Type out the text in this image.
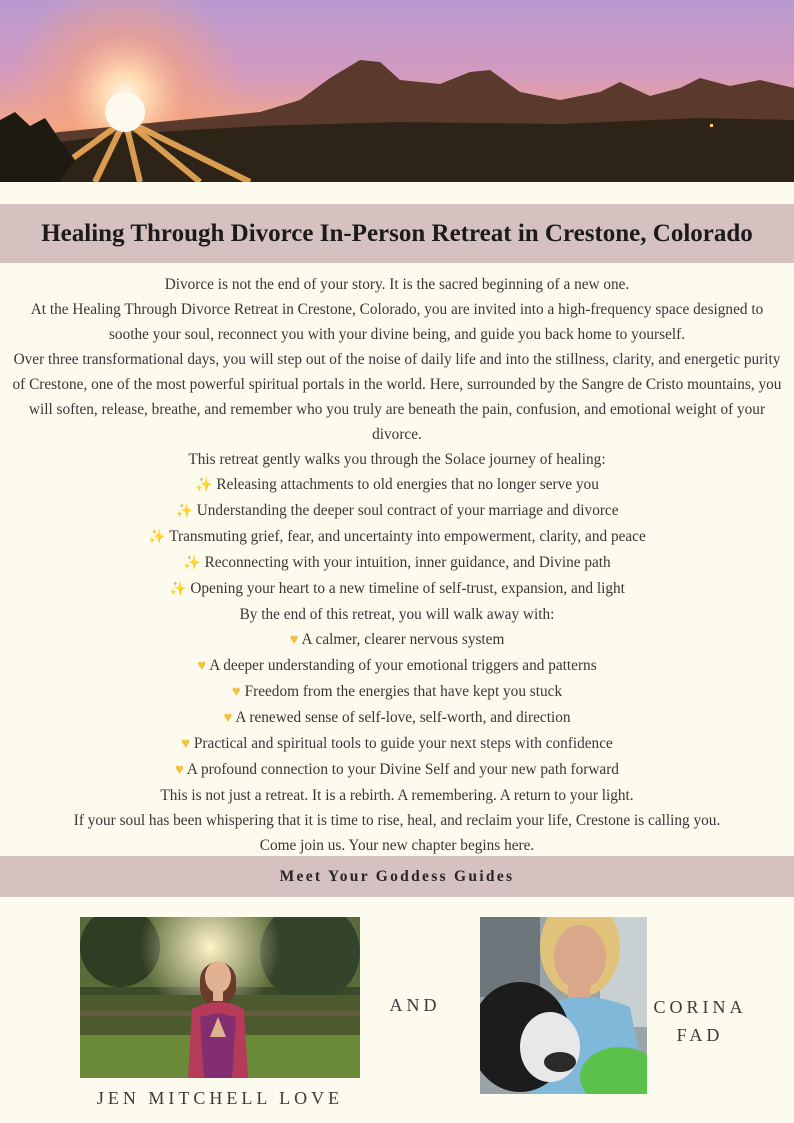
Healing Through Divorce In-Person Retreat in Crestone, Colorado

Divorce is not the end of your story. It is the sacred beginning of a new one.

At the Healing Through Divorce Retreat in Crestone, Colorado, you are invited into a high-frequency space designed to soothe your soul, reconnect you with your divine being, and guide you back home to yourself.

Over three transformational days, you will step out of the noise of daily life and into the stillness, clarity, and energetic purity of Crestone, one of the most powerful spiritual portals in the world. Here, surrounded by the Sangre de Cristo mountains, you will soften, release, breathe, and remember who you truly are beneath the pain, confusion, and emotional weight of your divorce.

This retreat gently walks you through the Solace journey of healing:

✨ Releasing attachments to old energies that no longer serve you

✨ Understanding the deeper soul contract of your marriage and divorce

✨ Transmuting grief, fear, and uncertainty into empowerment, clarity, and peace

✨ Reconnecting with your intuition, inner guidance, and Divine path

✨ Opening your heart to a new timeline of self-trust, expansion, and light

By the end of this retreat, you will walk away with:

♥ A calmer, clearer nervous system

♥ A deeper understanding of your emotional triggers and patterns

♥ Freedom from the energies that have kept you stuck

♥ A renewed sense of self-love, self-worth, and direction

♥ Practical and spiritual tools to guide your next steps with confidence

♥ A profound connection to your Divine Self and your new path forward

This is not just a retreat. It is a rebirth. A remembering. A return to your light.

If your soul has been whispering that it is time to rise, heal, and reclaim your life, Crestone is calling you.

Come join us. Your new chapter begins here.

Meet Your Goddess Guides
AND
JEN MITCHELL LOVE
CORINA
FAD
